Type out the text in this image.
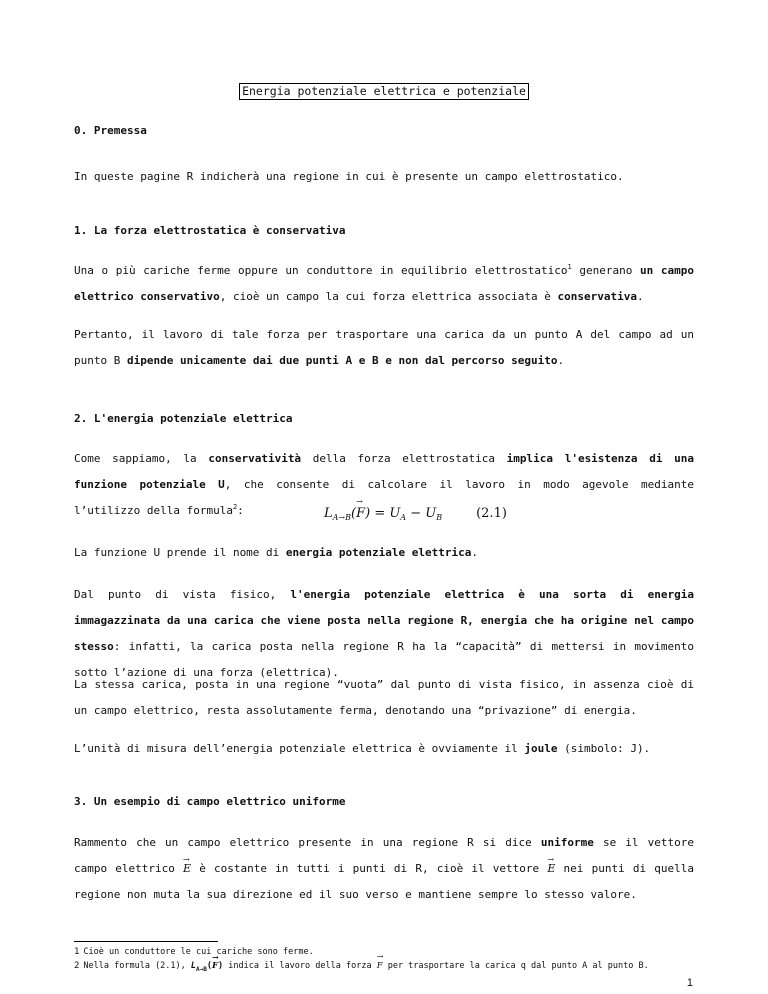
Energia potenziale elettrica e potenziale

0. Premessa

In queste pagine R indicherà una regione in cui è presente un campo elettrostatico.

1. La forza elettrostatica è conservativa

Una o più cariche ferme oppure un conduttore in equilibrio elettrostatico$^1$ generano un campo elettrico conservativo, cioè un campo la cui forza elettrica associata è conservativa.

Pertanto, il lavoro di tale forza per trasportare una carica da un punto A del campo ad un punto B dipende unicamente dai due punti A e B e non dal percorso seguito.

2. L'energia potenziale elettrica

Come sappiamo, la conservatività della forza elettrostatica implica l'esistenza di una funzione potenziale U, che consente di calcolare il lavoro in modo agevole mediante l’utilizzo della formula$^2$:	$L_{A\to B}(\to F) = U_A - U_B$	(2.1)

La funzione U prende il nome di energia potenziale elettrica.

Dal punto di vista fisico, l'energia potenziale elettrica è una sorta di energia immagazzinata da una carica che viene posta nella regione R, energia che ha origine nel campo stesso: infatti, la carica posta nella regione R ha la “capacità” di mettersi in movimento sotto l’azione di una forza (elettrica).

La stessa carica, posta in una regione “vuota” dal punto di vista fisico, in assenza cioè di un campo elettrico, resta assolutamente ferma, denotando una “privazione” di energia.

L’unità di misura dell’energia potenziale elettrica è ovviamente il joule (simbolo: J).

3. Un esempio di campo elettrico uniforme

Rammento che un campo elettrico presente in una regione R si dice uniforme se il vettore campo elettrico → E è costante in tutti i punti di R, cioè il vettore → E nei punti di quella regione non muta la sua direzione ed il suo verso e mantiene sempre lo stesso valore.

1 Cioè un conduttore le cui cariche sono ferme.
2 Nella formula (2.1), $L_{A\to B}(\to F)$ indica il lavoro della forza → F per trasportare la carica q dal punto A al punto B.
1
